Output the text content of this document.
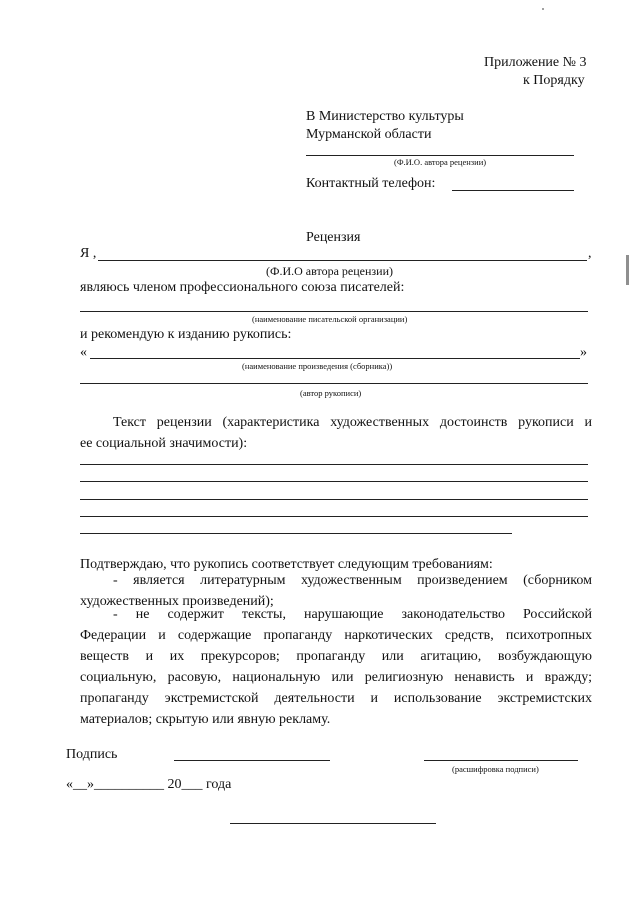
Приложение № 3
к Порядку
В Министерство культуры
Мурманской области
(Ф.И.О. автора рецензии)
Контактный телефон:
Рецензия
Я ,	,
(Ф.И.О автора рецензии)
являюсь членом профессионального союза писателей:
(наименование писательской организации)
и рекомендую к изданию рукопись:
«	»
(наименование произведения (сборника))
(автор рукописи)
Текст рецензии (характеристика художественных достоинств рукописи и
ее социальной значимости):
Подтверждаю, что рукопись соответствует следующим требованиям:
- является литературным художественным произведением (сборником
художественных произведений);
- не содержит тексты, нарушающие законодательство Российской
Федерации и содержащие пропаганду наркотических средств, психотропных
веществ и их прекурсоров; пропаганду или агитацию, возбуждающую
социальную, расовую, национальную или религиозную ненависть и вражду;
пропаганду экстремистской деятельности и использование экстремистских
материалов; скрытую или явную рекламу.
Подпись
(расшифровка подписи)
«__»__________ 20___ года
